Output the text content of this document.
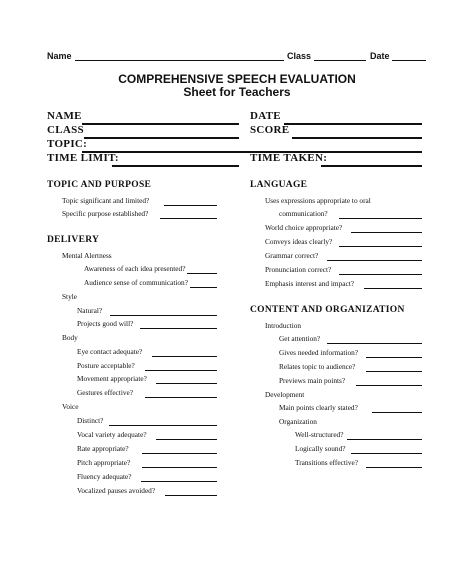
Name	Class	Date
COMPREHENSIVE SPEECH EVALUATION
Sheet for Teachers
NAME	DATE
CLASS	SCORE
TOPIC:
TIME LIMIT:	TIME TAKEN:
TOPIC AND PURPOSE
Topic significant and limited?
Specific purpose established?
DELIVERY
Mental Alertness
Awareness of each idea presented?
Audience sense of communication?
Style
Natural?
Projects good will?
Body
Eye contact adequate?
Posture acceptable?
Movement appropriate?
Gestures effective?
Voice
Distinct?
Vocal variety adequate?
Rate appropriate?
Pitch appropriate?
Fluency adequate?
Vocalized pauses avoided?
LANGUAGE
Uses expressions appropriate to oral
communication?
World choice appropriate?
Conveys ideas clearly?
Grammar correct?
Pronunciation correct?
Emphasis interest and impact?
CONTENT AND ORGANIZATION
Introduction
Get attention?
Gives needed information?
Relates topic to audience?
Previews main points?
Development
Main points clearly stated?
Organization
Well-structured?
Logically sound?
Transitions effective?
